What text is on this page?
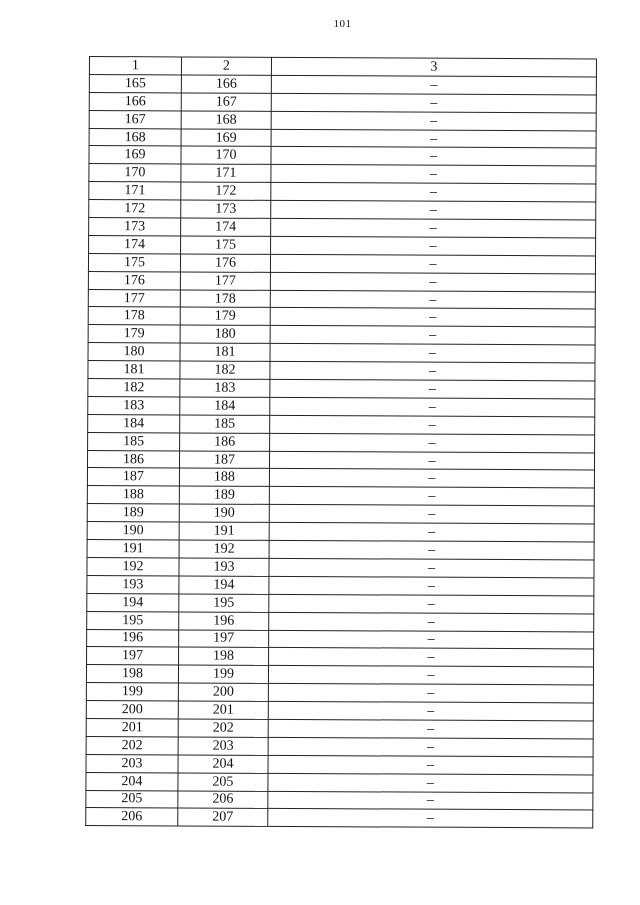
101
1	2	3
165	166	–
166	167	–
167	168	–
168	169	–
169	170	–
170	171	–
171	172	–
172	173	–
173	174	–
174	175	–
175	176	–
176	177	–
177	178	–
178	179	–
179	180	–
180	181	–
181	182	–
182	183	–
183	184	–
184	185	–
185	186	–
186	187	–
187	188	–
188	189	–
189	190	–
190	191	–
191	192	–
192	193	–
193	194	–
194	195	–
195	196	–
196	197	–
197	198	–
198	199	–
199	200	–
200	201	–
201	202	–
202	203	–
203	204	–
204	205	–
205	206	–
206	207	–
